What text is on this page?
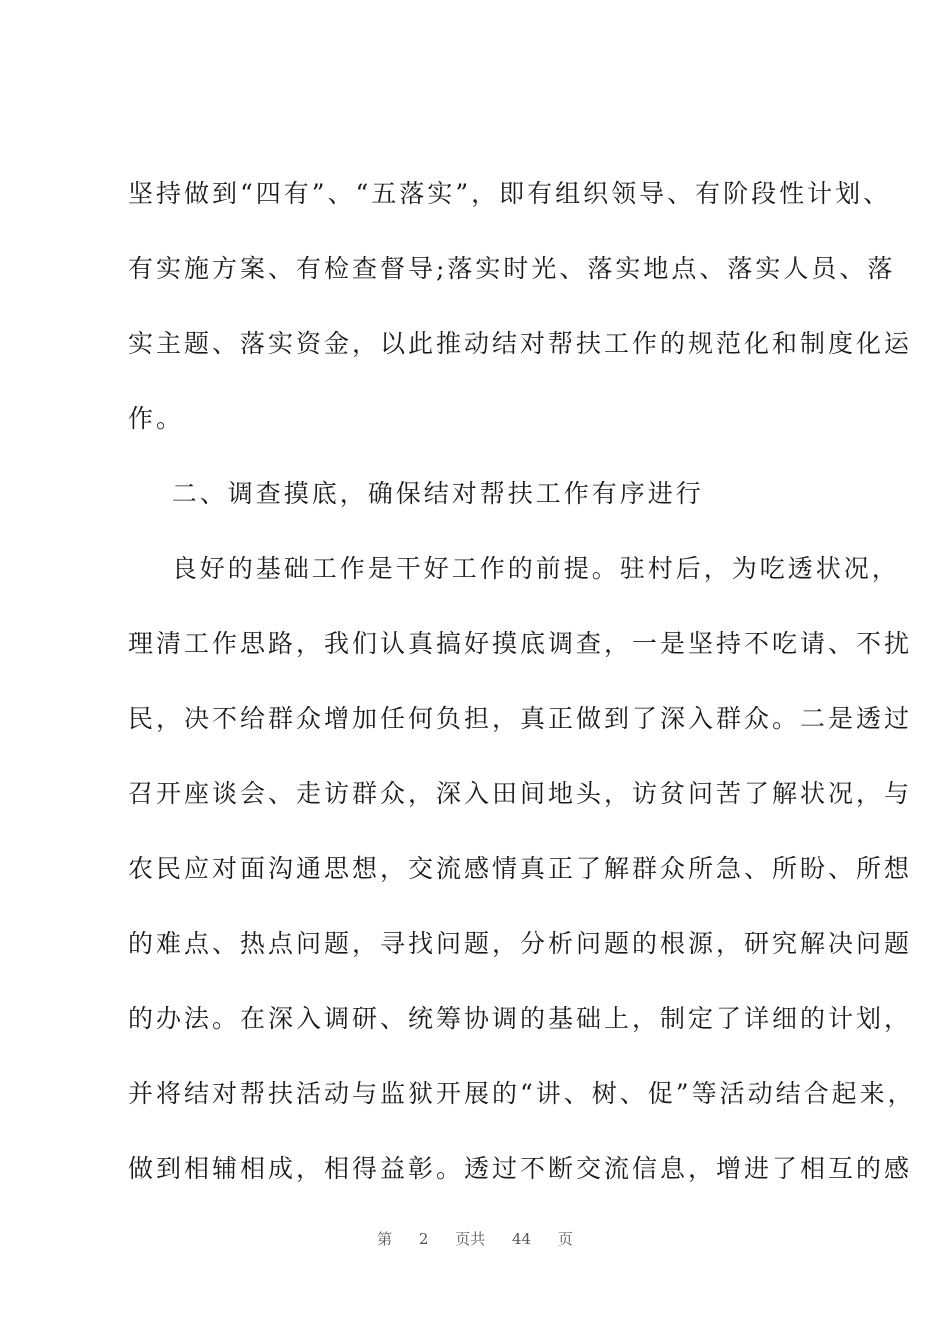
坚持做到“四有”、“五落实”，即有组织领导、有阶段性计划、
有实施方案、有检查督导;落实时光、落实地点、落实人员、落
实主题、落实资金，以此推动结对帮扶工作的规范化和制度化运
作。
二、调查摸底，确保结对帮扶工作有序进行
良好的基础工作是干好工作的前提。驻村后，为吃透状况，
理清工作思路，我们认真搞好摸底调查，一是坚持不吃请、不扰
民，决不给群众增加任何负担，真正做到了深入群众。二是透过
召开座谈会、走访群众，深入田间地头，访贫问苦了解状况，与
农民应对面沟通思想，交流感情真正了解群众所急、所盼、所想
的难点、热点问题，寻找问题，分析问题的根源，研究解决问题
的办法。在深入调研、统筹协调的基础上，制定了详细的计划，
并将结对帮扶活动与监狱开展的“讲、树、促”等活动结合起来，
做到相辅相成，相得益彰。透过不断交流信息，增进了相互的感
第 2 页共 44 页
